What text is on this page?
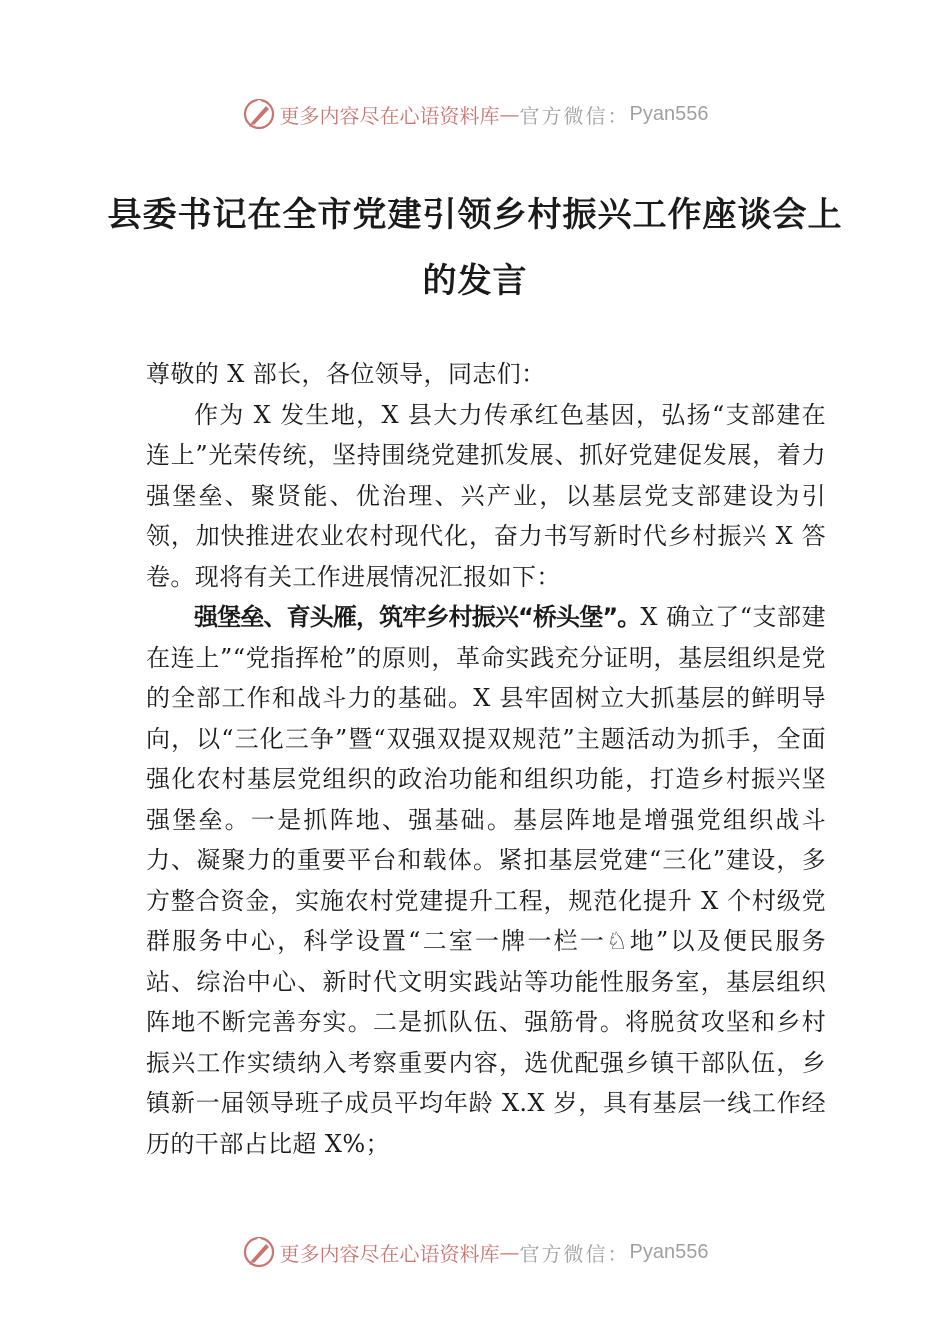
更多内容尽在心语资料库 — 官方微信： Pyan556
县委书记在全市党建引领乡村振兴工作座谈会上的发言

尊敬的 X 部长，各位领导，同志们：

作为 X 发生地，X 县大力传承红色基因，弘扬“支部建在连上”光荣传统，坚持围绕党建抓发展、抓好党建促发展，着力强堡垒、聚贤能、优治理、兴产业，以基层党支部建设为引领，加快推进农业农村现代化，奋力书写新时代乡村振兴 X 答卷。现将有关工作进展情况汇报如下：

强堡垒、育头雁，筑牢乡村振兴“桥头堡”。X 确立了“支部建在连上”“党指挥枪”的原则，革命实践充分证明，基层组织是党的全部工作和战斗力的基础。X 县牢固树立大抓基层的鲜明导向，以“三化三争”暨“双强双提双规范”主题活动为抓手，全面强化农村基层党组织的政治功能和组织功能，打造乡村振兴坚强堡垒。一是抓阵地、强基础。基层阵地是增强党组织战斗力、凝聚力的重要平台和载体。紧扣基层党建“三化”建设，多方整合资金，实施农村党建提升工程，规范化提升 X 个村级党群服务中心，科学设置“二室一牌一栏一♘地”以及便民服务站、综治中心、新时代文明实践站等功能性服务室，基层组织阵地不断完善夯实。二是抓队伍、强筋骨。将脱贫攻坚和乡村振兴工作实绩纳入考察重要内容，选优配强乡镇干部队伍，乡镇新一届领导班子成员平均年龄 X.X 岁，具有基层一线工作经历的干部占比超 X%；

更多内容尽在心语资料库 — 官方微信： Pyan556
